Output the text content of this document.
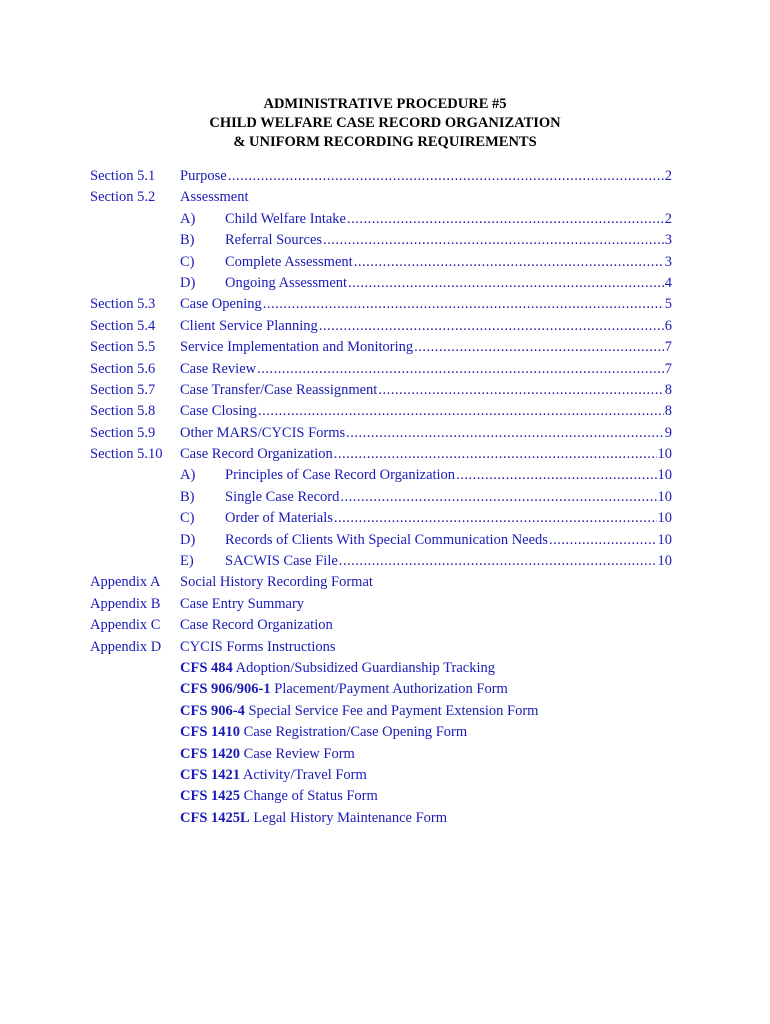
ADMINISTRATIVE PROCEDURE #5
CHILD WELFARE CASE RECORD ORGANIZATION
& UNIFORM RECORDING REQUIREMENTS
Section 5.1 Purpose .....	2
Section 5.2 Assessment
A)	Child Welfare Intake .....	2
B)	Referral Sources .....	3
C)	Complete Assessment .....	3
D)	Ongoing Assessment .....	4
Section 5.3 Case Opening .....	5
Section 5.4 Client Service Planning .....	6
Section 5.5 Service Implementation and Monitoring .....	7
Section 5.6 Case Review .....	7
Section 5.7 Case Transfer/Case Reassignment .....	8
Section 5.8 Case Closing .....	8
Section 5.9 Other MARS/CYCIS Forms .....	9
Section 5.10 Case Record Organization .....	10
A)	Principles of Case Record Organization .....	10
B)	Single Case Record .....	10
C)	Order of Materials .....	10
D)	Records of Clients With Special Communication Needs .....	10
E)	SACWIS Case File .....	10
Appendix A Social History Recording Format
Appendix B Case Entry Summary
Appendix C Case Record Organization
Appendix D CYCIS Forms Instructions
CFS 484 Adoption/Subsidized Guardianship Tracking
CFS 906/906-1 Placement/Payment Authorization Form
CFS 906-4 Special Service Fee and Payment Extension Form
CFS 1410 Case Registration/Case Opening Form
CFS 1420 Case Review Form
CFS 1421 Activity/Travel Form
CFS 1425 Change of Status Form
CFS 1425L Legal History Maintenance Form
